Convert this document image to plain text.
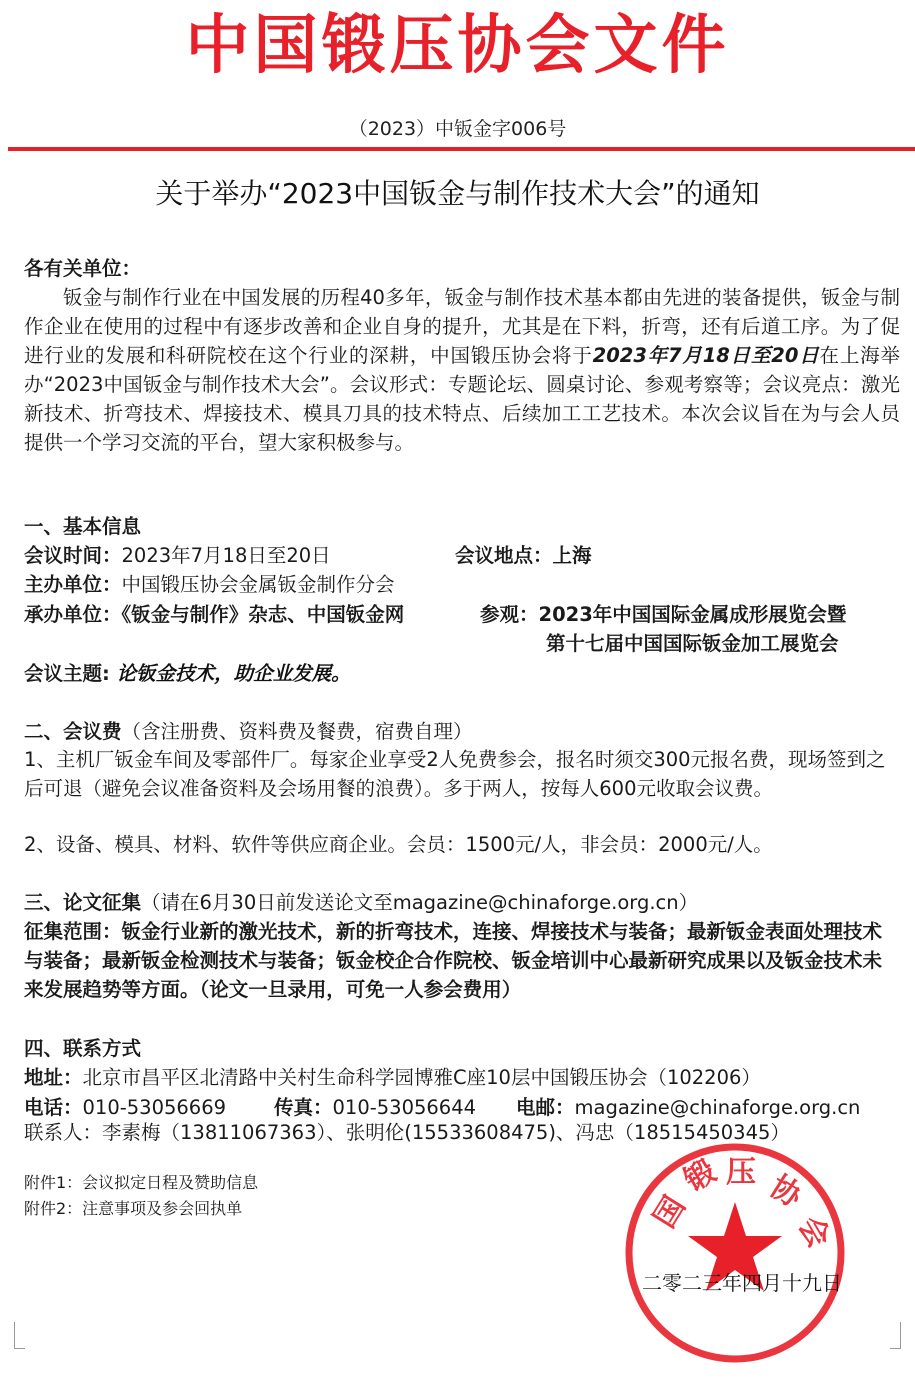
中国锻压协会文件
（2023）中钣金字006号
关于举办“2023中国钣金与制作技术大会”的通知
各有关单位：
钣金与制作行业在中国发展的历程40多年，钣金与制作技术基本都由先进的装备提供，钣金与制作企业在使用的过程中有逐步改善和企业自身的提升，尤其是在下料，折弯，还有后道工序。为了促进行业的发展和科研院校在这个行业的深耕，中国锻压协会将于2023年7月18日至20日在上海举办“2023中国钣金与制作技术大会”。会议形式：专题论坛、圆桌讨论、参观考察等；会议亮点：激光新技术、折弯技术、焊接技术、模具刀具的技术特点、后续加工工艺技术。本次会议旨在为与会人员提供一个学习交流的平台，望大家积极参与。
一、基本信息
会议时间：2023年7月18日至20日	会议地点：上海
主办单位：中国锻压协会金属钣金制作分会
承办单位：《钣金与制作》杂志、中国钣金网	参观：2023年中国国际金属成形展览会暨
第十七届中国国际钣金加工展览会
会议主题: 论钣金技术，助企业发展。
二、会议费（含注册费、资料费及餐费，宿费自理）
1、主机厂钣金车间及零部件厂。每家企业享受2人免费参会，报名时须交300元报名费，现场签到之后可退（避免会议准备资料及会场用餐的浪费）。多于两人，按每人600元收取会议费。
2、设备、模具、材料、软件等供应商企业。会员：1500元/人，非会员：2000元/人。
三、论文征集（请在6月30日前发送论文至magazine@chinaforge.org.cn）
征集范围：钣金行业新的激光技术，新的折弯技术，连接、焊接技术与装备；最新钣金表面处理技术与装备；最新钣金检测技术与装备；钣金校企合作院校、钣金培训中心最新研究成果以及钣金技术未来发展趋势等方面。（论文一旦录用，可免一人参会费用）
四、联系方式
地址：北京市昌平区北清路中关村生命科学园博雅C座10层中国锻压协会（102206）
电话：010-53056669 传真：010-53056644 电邮：magazine@chinaforge.org.cn
联系人：李素梅（13811067363）、张明伦(15533608475)、冯忠（18515450345）
附件1：会议拟定日程及赞助信息
附件2：注意事项及参会回执单	国
锻 压 协
会
二零二三年四月十九日
